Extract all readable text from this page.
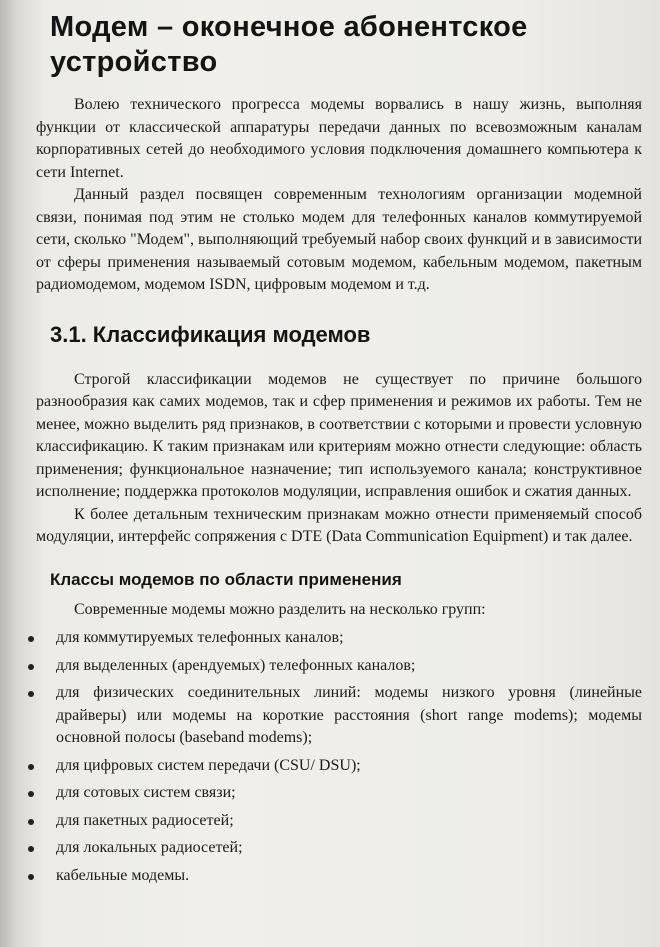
Модем – оконечное абонентское устройство

Волею технического прогресса модемы ворвались в нашу жизнь, выполняя функции от классической аппаратуры передачи данных по всевозможным каналам корпоративных сетей до необходимого условия подключения домашнего компьютера к сети Internet.

Данный раздел посвящен современным технологиям организации модемной связи, понимая под этим не столько модем для телефонных каналов коммутируемой сети, сколько "Модем", выполняющий требуемый набор своих функций и в зависимости от сферы применения называемый сотовым модемом, кабельным модемом, пакетным радиомодемом, модемом ISDN, цифровым модемом и т.д.

3.1. Классификация модемов

Строгой классификации модемов не существует по причине большого разнообразия как самих модемов, так и сфер применения и режимов их работы. Тем не менее, можно выделить ряд признаков, в соответствии с которыми и провести условную классификацию. К таким признакам или критериям можно отнести следующие: область применения; функциональное назначение; тип используемого канала; конструктивное исполнение; поддержка протоколов модуляции, исправления ошибок и сжатия данных.

К более детальным техническим признакам можно отнести применяемый способ модуляции, интерфейс сопряжения с DTE (Data Communication Equipment) и так далее.

Классы модемов по области применения

Современные модемы можно разделить на несколько групп:

для коммутируемых телефонных каналов;
для выделенных (арендуемых) телефонных каналов;
для физических соединительных линий: модемы низкого уровня (линейные драйверы) или модемы на короткие расстояния (short range modems); модемы основной полосы (baseband modems);
для цифровых систем передачи (CSU/ DSU);
для сотовых систем связи;
для пакетных радиосетей;
для локальных радиосетей;
кабельные модемы.
